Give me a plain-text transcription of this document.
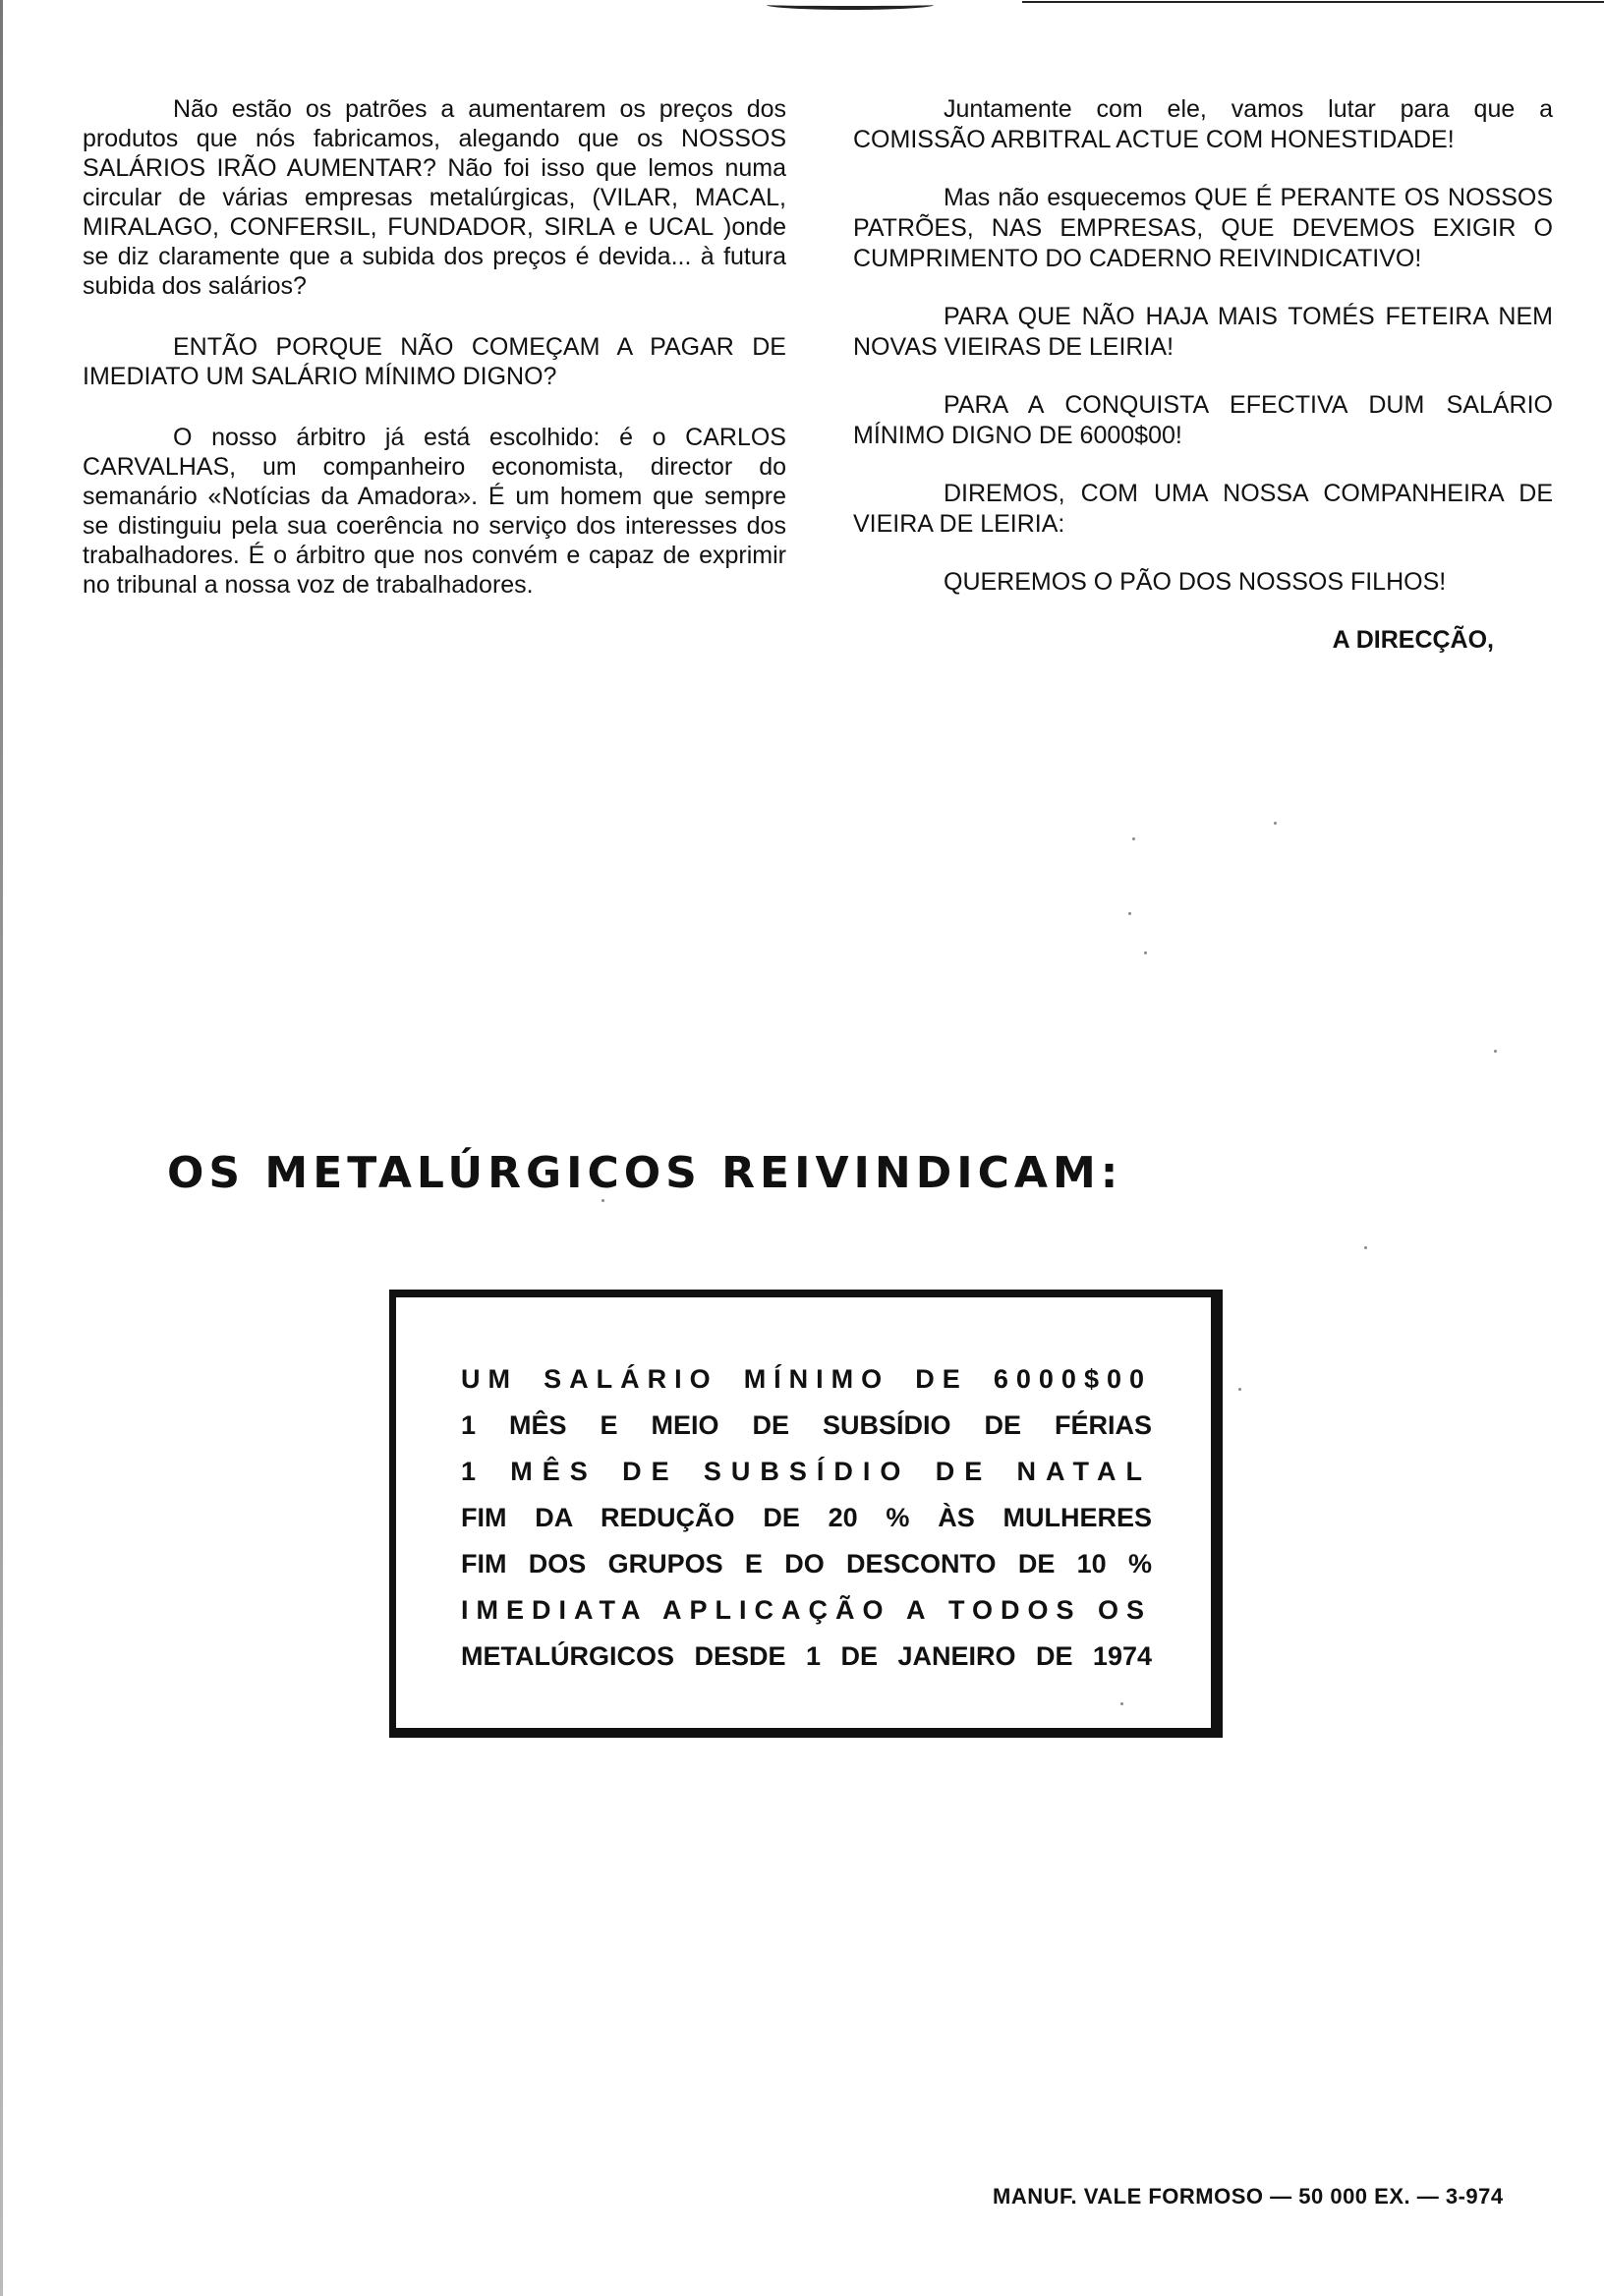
Não estão os patrões a aumentarem os preços dos produtos que nós fabricamos, alegando que os NOSSOS SALÁRIOS IRÃO AUMENTAR? Não foi isso que lemos numa circular de várias empresas metalúrgicas, (VILAR, MACAL, MIRALAGO, CONFERSIL, FUNDADOR, SIRLA e UCAL )onde se diz claramente que a subida dos preços é devida... à futura subida dos salários?

ENTÃO PORQUE NÃO COMEÇAM A PAGAR DE IMEDIATO UM SALÁRIO MÍNIMO DIGNO?

O nosso árbitro já está escolhido: é o CARLOS CARVALHAS, um companheiro economista, director do semanário «Notícias da Amadora». É um homem que sempre se distinguiu pela sua coerência no serviço dos interesses dos trabalhadores. É o árbitro que nos convém e capaz de exprimir no tribunal a nossa voz de trabalhadores.

Juntamente com ele, vamos lutar para que a COMISSÃO ARBITRAL ACTUE COM HONESTIDADE!

Mas não esquecemos QUE É PERANTE OS NOSSOS PATRÕES, NAS EMPRESAS, QUE DEVEMOS EXIGIR O CUMPRIMENTO DO CADERNO REIVINDICATIVO!

PARA QUE NÃO HAJA MAIS TOMÉS FETEIRA NEM NOVAS VIEIRAS DE LEIRIA!

PARA A CONQUISTA EFECTIVA DUM SALÁRIO MÍNIMO DIGNO DE 6000$00!

DIREMOS, COM UMA NOSSA COMPANHEIRA DE VIEIRA DE LEIRIA:

QUEREMOS O PÃO DOS NOSSOS FILHOS!

A DIRECÇÃO,

OS METALÚRGICOS REIVINDICAM:
UM SALÁRIO MÍNIMO DE 6000$00
1 MÊS E MEIO DE SUBSÍDIO DE FÉRIAS
1 MÊS DE SUBSÍDIO DE NATAL
FIM DA REDUÇÃO DE 20 % ÀS MULHERES
FIM DOS GRUPOS E DO DESCONTO DE 10 %
IMEDIATA APLICAÇÃO A TODOS OS
METALÚRGICOS DESDE 1 DE JANEIRO DE 1974
MANUF. VALE FORMOSO — 50 000 EX. — 3-974
